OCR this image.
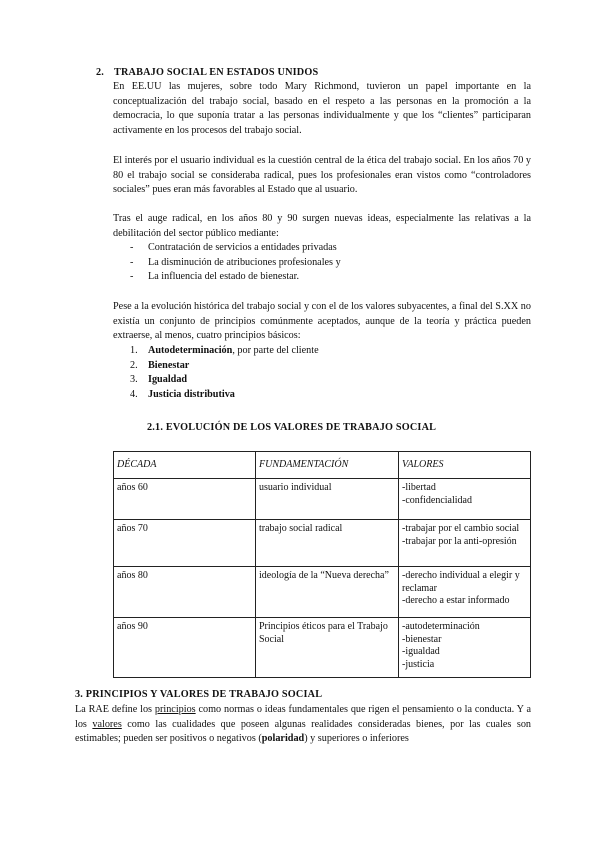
2. TRABAJO SOCIAL EN ESTADOS UNIDOS

En EE.UU las mujeres, sobre todo Mary Richmond, tuvieron un papel importante en la conceptualización del trabajo social, basado en el respeto a las personas en la promoción a la democracia, lo que suponía tratar a las personas individualmente y que los “clientes” participaran activamente en los procesos del trabajo social.

El interés por el usuario individual es la cuestión central de la ética del trabajo social. En los años 70 y 80 el trabajo social se consideraba radical, pues los profesionales eran vistos como “controladores sociales” pues eran más favorables al Estado que al usuario.

Tras el auge radical, en los años 80 y 90 surgen nuevas ideas, especialmente las relativas a la debilitación del sector público mediante:

- Contratación de servicios a entidades privadas
- La disminución de atribuciones profesionales y
- La influencia del estado de bienestar.

Pese a la evolución histórica del trabajo social y con el de los valores subyacentes, a final del S.XX no existía un conjunto de principios comúnmente aceptados, aunque de la teoría y práctica pueden extraerse, al menos, cuatro principios básicos:

1. Autodeterminación, por parte del cliente
2. Bienestar
3. Igualdad
4. Justicia distributiva
2.1. EVOLUCIÓN DE LOS VALORES DE TRABAJO SOCIAL
DÉCADA	FUNDAMENTACIÓN	VALORES
años 60	usuario individual	-libertad
-confidencialidad

años 70	trabajo social radical	-trabajar por el cambio social
-trabajar por la anti-opresión

años 80	ideología de la “Nueva derecha”	-derecho individual a elegir y reclamar
-derecho a estar informado

años 90	Principios éticos para el Trabajo Social	-autodeterminación
-bienestar
-igualdad
-justicia
3. PRINCIPIOS Y VALORES DE TRABAJO SOCIAL

La RAE define los principios como normas o ideas fundamentales que rigen el pensamiento o la conducta. Y a los valores como las cualidades que poseen algunas realidades consideradas bienes, por las cuales son estimables; pueden ser positivos o negativos (polaridad) y superiores o inferiores
